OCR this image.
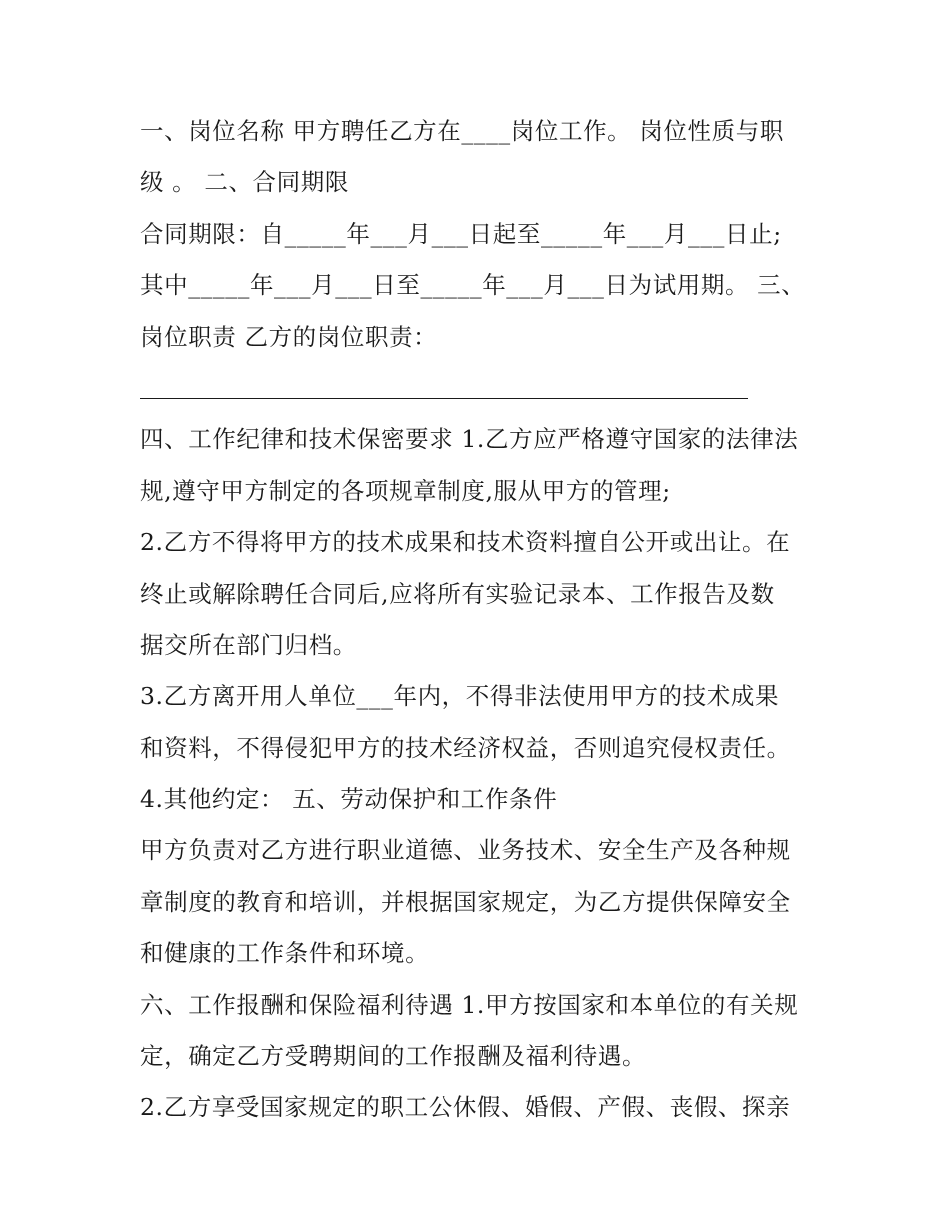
一、岗位名称 甲方聘任乙方在____岗位工作。 岗位性质与职
级 。 二、合同期限
合同期限：自_____年___月___日起至_____年___月___日止;
其中_____年___月___日至_____年___月___日为试用期。 三、
岗位职责 乙方的岗位职责：
四、工作纪律和技术保密要求 1.乙方应严格遵守国家的法律法
规,遵守甲方制定的各项规章制度,服从甲方的管理;
2.乙方不得将甲方的技术成果和技术资料擅自公开或出让。在
终止或解除聘任合同后,应将所有实验记录本、工作报告及数
据交所在部门归档。
3.乙方离开用人单位___年内，不得非法使用甲方的技术成果
和资料，不得侵犯甲方的技术经济权益，否则追究侵权责任。
4.其他约定： 五、劳动保护和工作条件
甲方负责对乙方进行职业道德、业务技术、安全生产及各种规
章制度的教育和培训，并根据国家规定，为乙方提供保障安全
和健康的工作条件和环境。
六、工作报酬和保险福利待遇 1.甲方按国家和本单位的有关规
定，确定乙方受聘期间的工作报酬及福利待遇。
2.乙方享受国家规定的职工公休假、婚假、产假、丧假、探亲
